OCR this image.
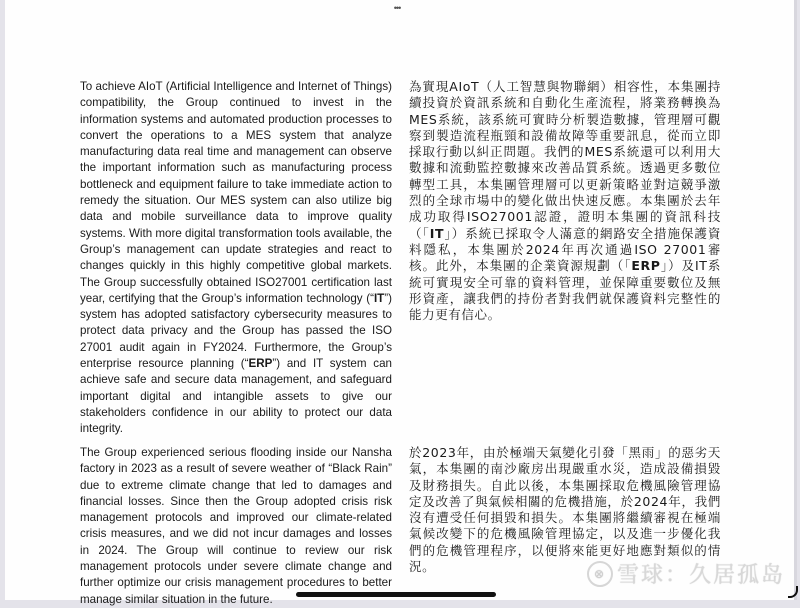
•••
To achieve AIoT (Artificial Intelligence and Internet of Things) compatibility, the Group continued to invest in the information systems and automated production processes to convert the operations to a MES system that analyze manufacturing data real time and management can observe the important information such as manufacturing process bottleneck and equipment failure to take immediate action to remedy the situation. Our MES system can also utilize big data and mobile surveillance data to improve quality systems. With more digital transformation tools available, the Group’s management can update strategies and react to changes quickly in this highly competitive global markets. The Group successfully obtained ISO27001 certification last year, certifying that the Group’s information technology (“IT”) system has adopted satisfactory cybersecurity measures to protect data privacy and the Group has passed the ISO 27001 audit again in FY2024. Furthermore, the Group’s enterprise resource planning (“ERP”) and IT system can achieve safe and secure data management, and safeguard important digital and intangible assets to give our stakeholders confidence in our ability to protect our data integrity.
為實現AIoT（人工智慧與物聯網）相容性，本集團持續投資於資訊系統和自動化生產流程，將業務轉換為MES系統，該系統可實時分析製造數據，管理層可觀察到製造流程瓶頸和設備故障等重要訊息，從而立即採取行動以糾正問題。我們的MES系統還可以利用大數據和流動監控數據來改善品質系統。透過更多數位轉型工具，本集團管理層可以更新策略並對這競爭激烈的全球市場中的變化做出快速反應。本集團於去年成功取得ISO27001認證，證明本集團的資訊科技（「IT」）系統已採取令人滿意的網路安全措施保護資料隱私，本集團於2024年再次通過ISO 27001審核。此外，本集團的企業資源規劃（「ERP」）及IT系統可實現安全可靠的資料管理，並保障重要數位及無形資產，讓我們的持份者對我們就保護資料完整性的能力更有信心。
The Group experienced serious flooding inside our Nansha factory in 2023 as a result of severe weather of “Black Rain” due to extreme climate change that led to damages and financial losses. Since then the Group adopted crisis risk management protocols and improved our climate-related crisis measures, and we did not incur damages and losses in 2024. The Group will continue to review our risk management protocols under severe climate change and further optimize our crisis management procedures to better manage similar situation in the future.
於2023年，由於極端天氣變化引發「黑雨」的惡劣天氣，本集團的南沙廠房出現嚴重水災，造成設備損毀及財務損失。自此以後，本集團採取危機風險管理協定及改善了與氣候相關的危機措施，於2024年，我們沒有遭受任何損毀和損失。本集團將繼續審視在極端氣候改變下的危機風險管理協定，以及進一步優化我們的危機管理程序，以便將來能更好地應對類似的情況。	⊗ 雪球：久居孤岛
